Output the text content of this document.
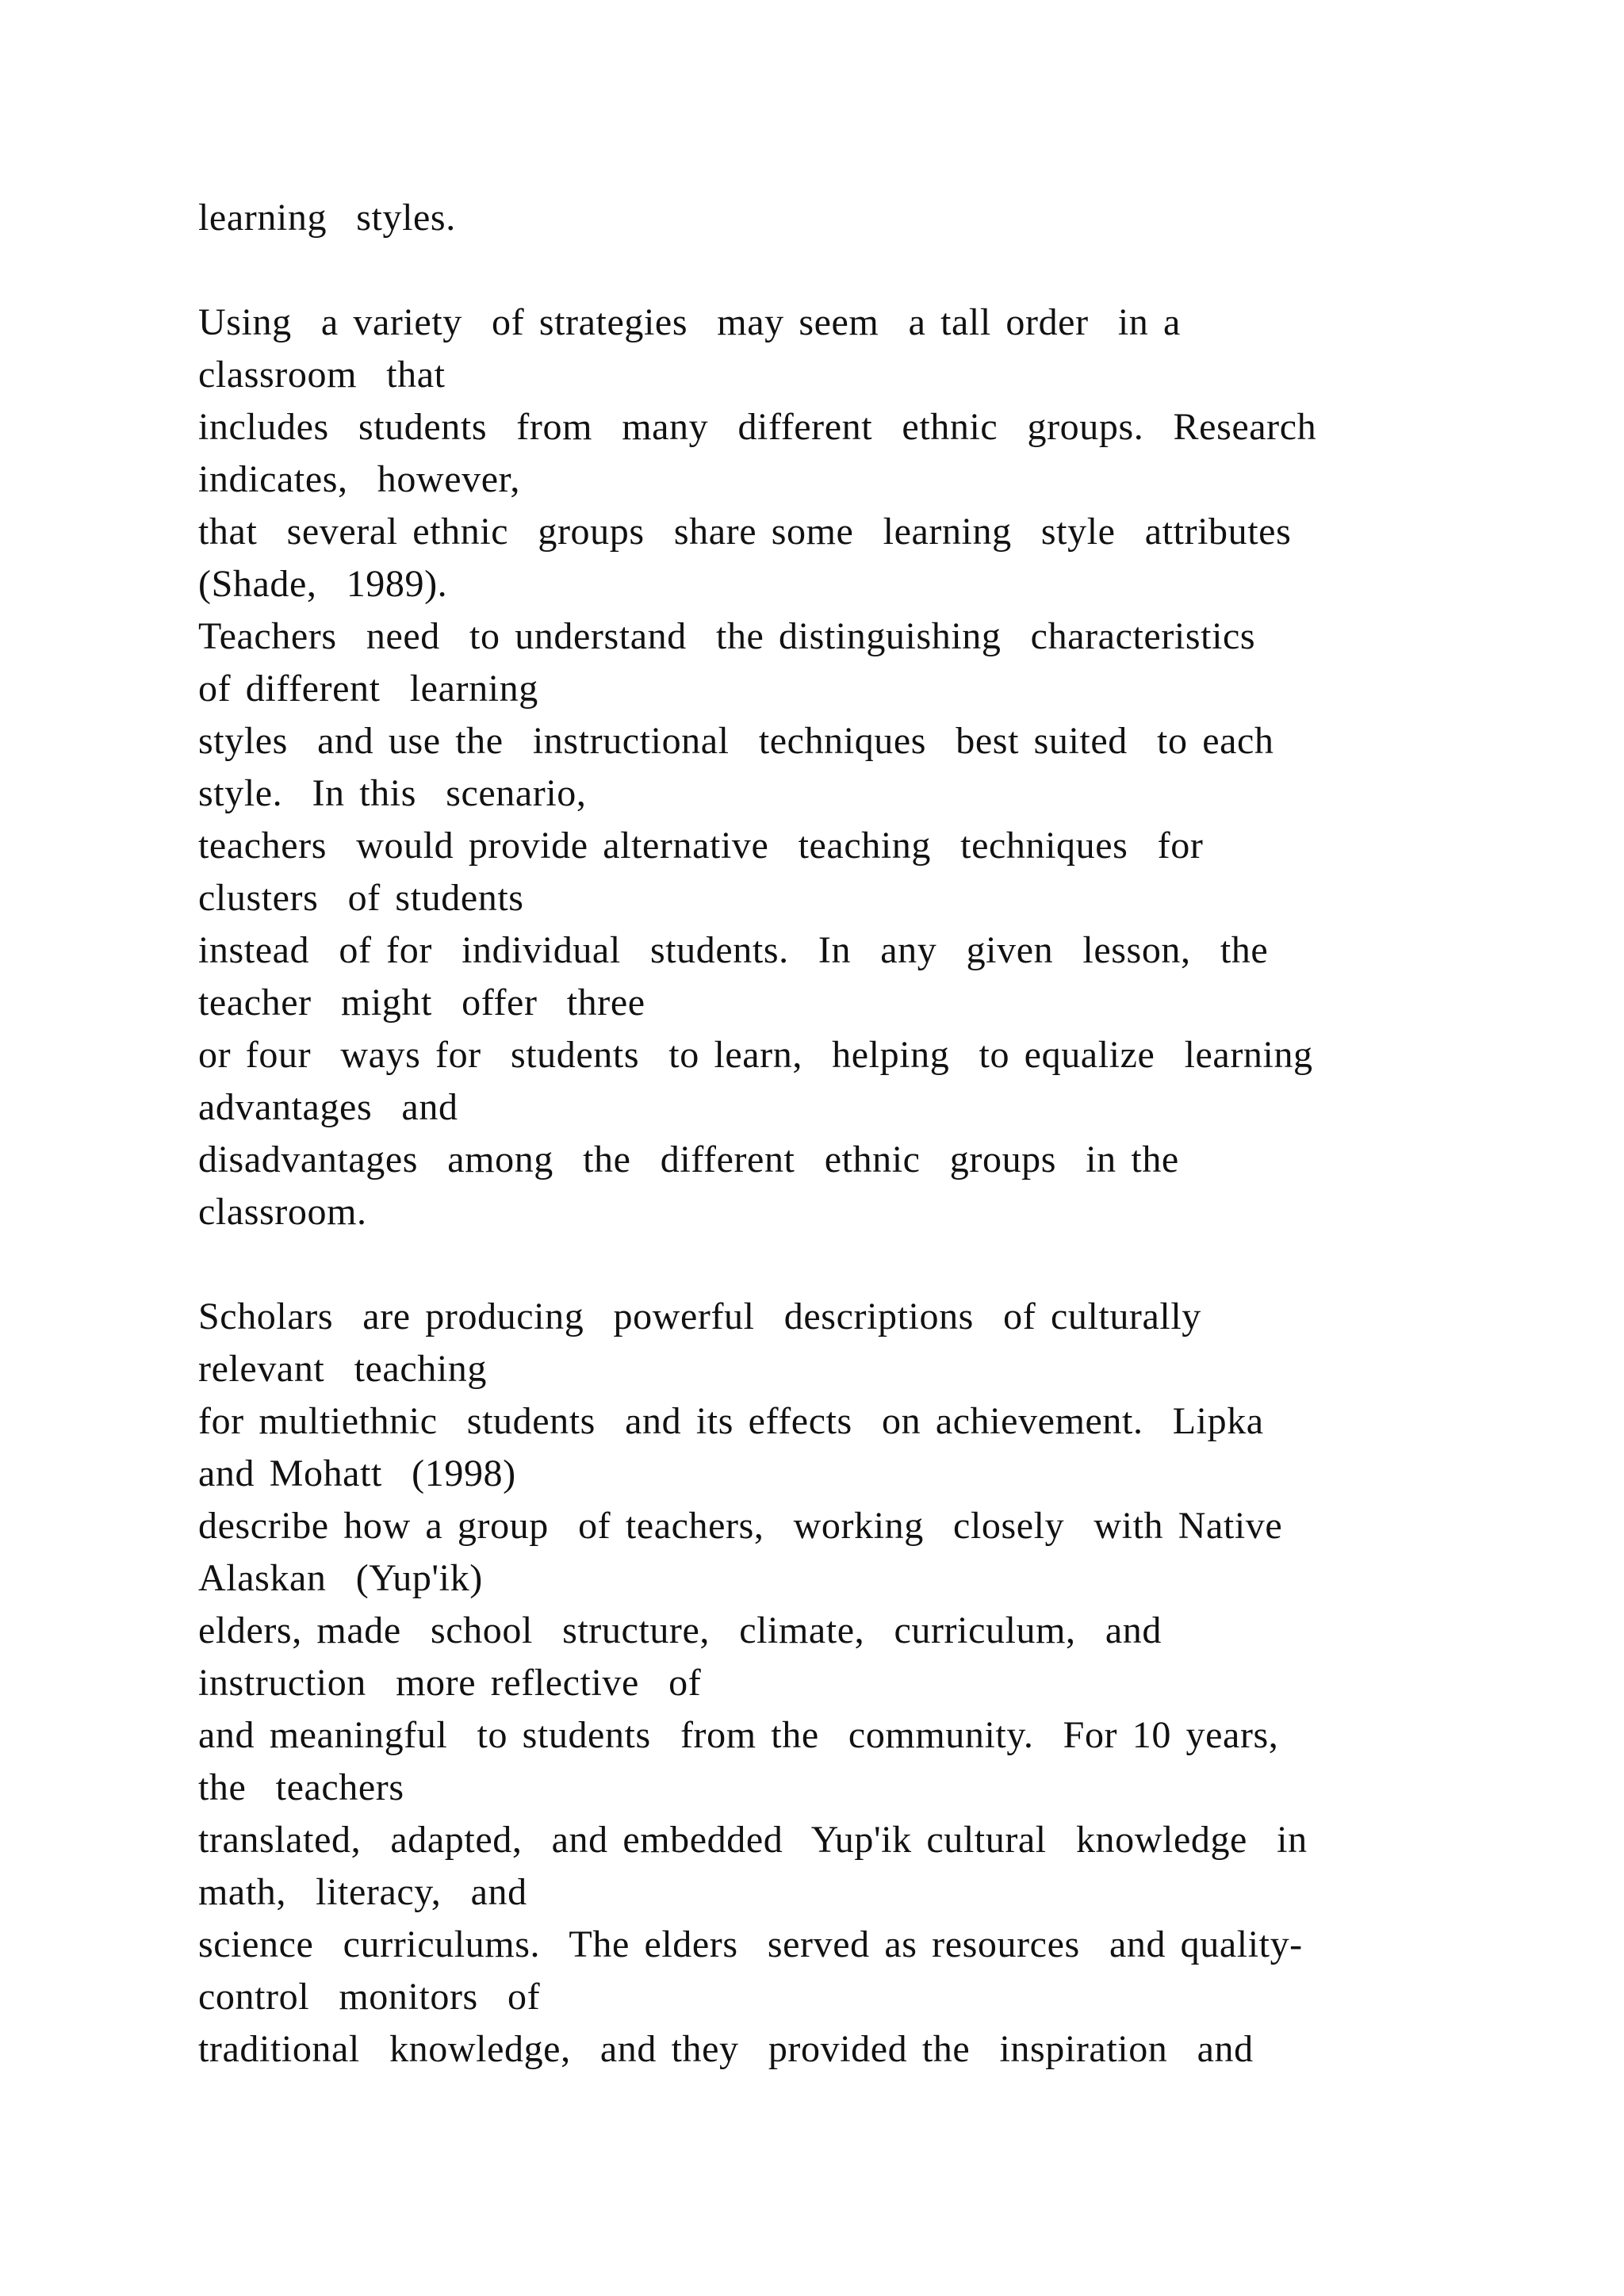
learning  styles.
Using  a variety  of strategies  may seem  a tall order  in a
classroom  that
includes  students  from  many  different  ethnic  groups.  Research
indicates,  however,
that  several ethnic  groups  share some  learning  style  attributes
(Shade,  1989).
Teachers  need  to understand  the distinguishing  characteristics
of different  learning
styles  and use the  instructional  techniques  best suited  to each
style.  In this  scenario,
teachers  would provide alternative  teaching  techniques  for
clusters  of students
instead  of for  individual  students.  In  any  given  lesson,  the
teacher  might  offer  three
or four  ways for  students  to learn,  helping  to equalize  learning
advantages  and
disadvantages  among  the  different  ethnic  groups  in the
classroom.
Scholars  are producing  powerful  descriptions  of culturally
relevant  teaching
for multiethnic  students  and its effects  on achievement.  Lipka
and Mohatt  (1998)
describe how a group  of teachers,  working  closely  with Native
Alaskan  (Yup'ik)
elders, made  school  structure,  climate,  curriculum,  and
instruction  more reflective  of
and meaningful  to students  from the  community.  For 10 years,
the  teachers
translated,  adapted,  and embedded  Yup'ik cultural  knowledge  in
math,  literacy,  and
science  curriculums.  The elders  served as resources  and quality-
control  monitors  of
traditional  knowledge,  and they  provided the  inspiration  and
